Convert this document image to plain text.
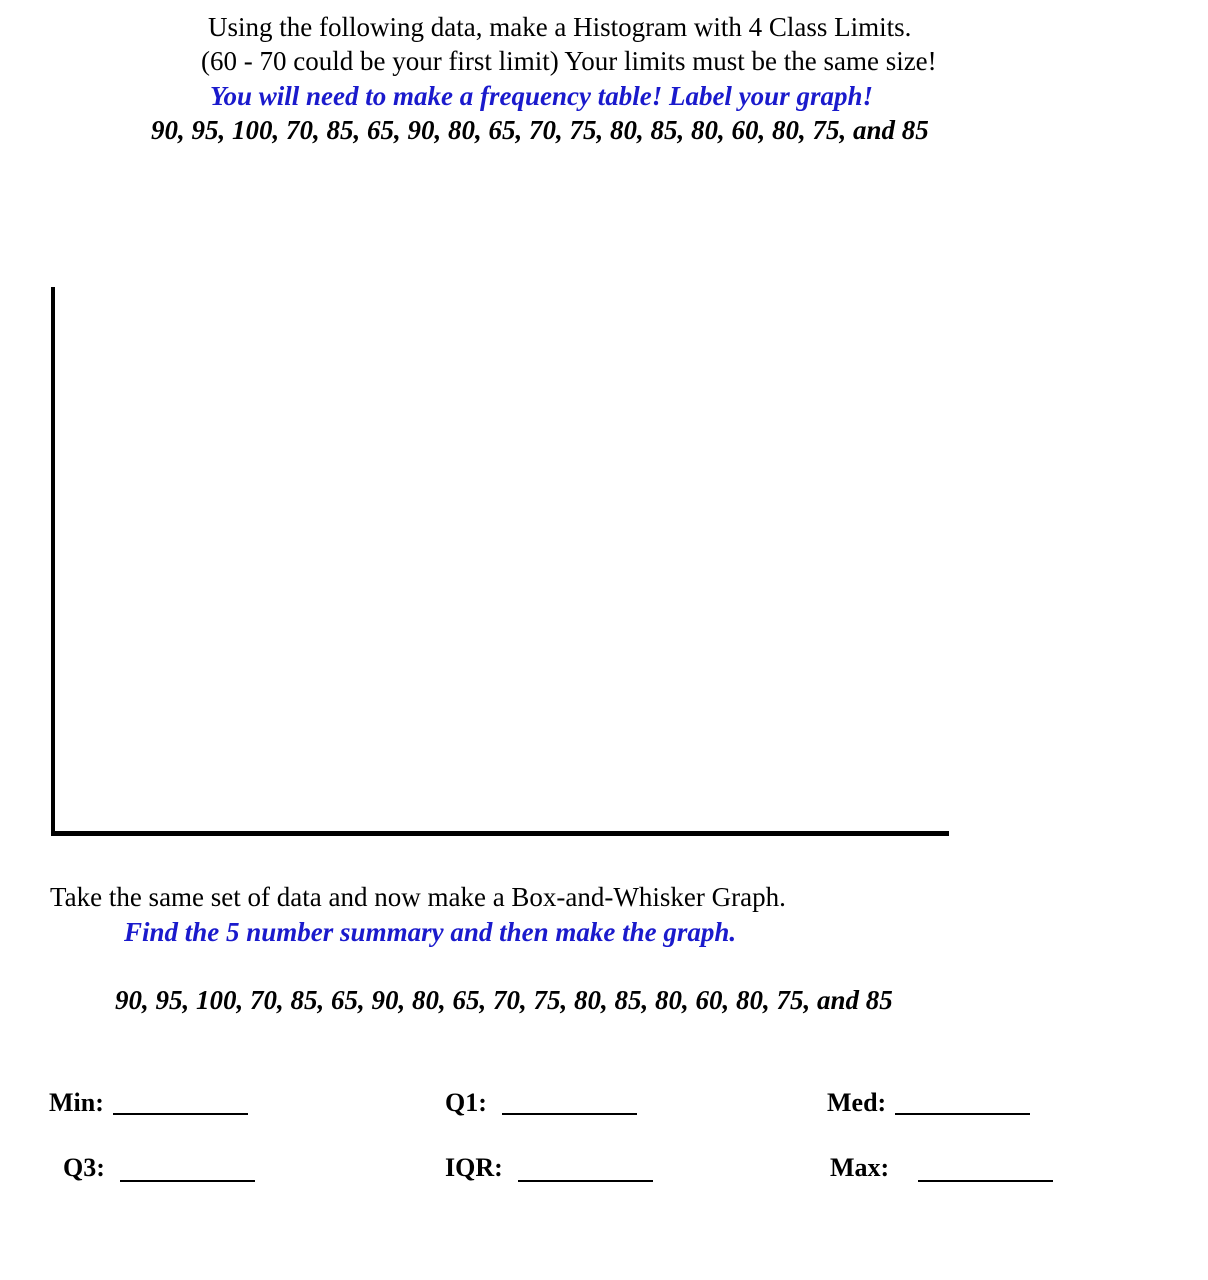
Using the following data, make a Histogram with 4 Class Limits.
(60 - 70 could be your first limit) Your limits must be the same size!
You will need to make a frequency table! Label your graph!
90, 95, 100, 70, 85, 65, 90, 80, 65, 70, 75, 80, 85, 80, 60, 80, 75, and 85
Take the same set of data and now make a Box-and-Whisker Graph.
Find the 5 number summary and then make the graph.
90, 95, 100, 70, 85, 65, 90, 80, 65, 70, 75, 80, 85, 80, 60, 80, 75, and 85
Min:	Q1:	Med:
Q3:	IQR:	Max:
